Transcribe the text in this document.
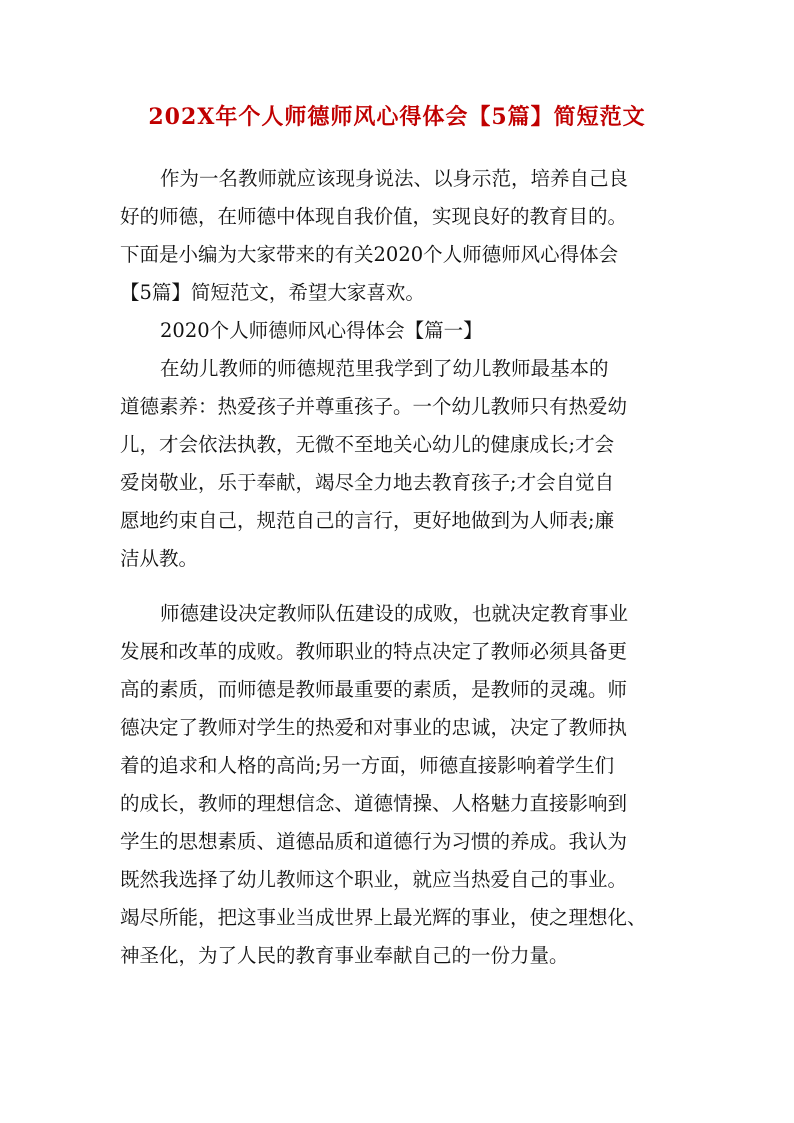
202X年个人师德师风心得体会【5篇】简短范文
作为一名教师就应该现身说法、以身示范，培养自己良
好的师德，在师德中体现自我价值，实现良好的教育目的。
下面是小编为大家带来的有关2020个人师德师风心得体会
【5篇】简短范文，希望大家喜欢。
2020个人师德师风心得体会【篇一】
在幼儿教师的师德规范里我学到了幼儿教师最基本的
道德素养：热爱孩子并尊重孩子。一个幼儿教师只有热爱幼
儿，才会依法执教，无微不至地关心幼儿的健康成长;才会
爱岗敬业，乐于奉献，竭尽全力地去教育孩子;才会自觉自
愿地约束自己，规范自己的言行，更好地做到为人师表;廉
洁从教。
师德建设决定教师队伍建设的成败，也就决定教育事业
发展和改革的成败。教师职业的特点决定了教师必须具备更
高的素质，而师德是教师最重要的素质，是教师的灵魂。师
德决定了教师对学生的热爱和对事业的忠诚，决定了教师执
着的追求和人格的高尚;另一方面，师德直接影响着学生们
的成长，教师的理想信念、道德情操、人格魅力直接影响到
学生的思想素质、道德品质和道德行为习惯的养成。我认为
既然我选择了幼儿教师这个职业，就应当热爱自己的事业。
竭尽所能，把这事业当成世界上最光辉的事业，使之理想化、
神圣化，为了人民的教育事业奉献自己的一份力量。
